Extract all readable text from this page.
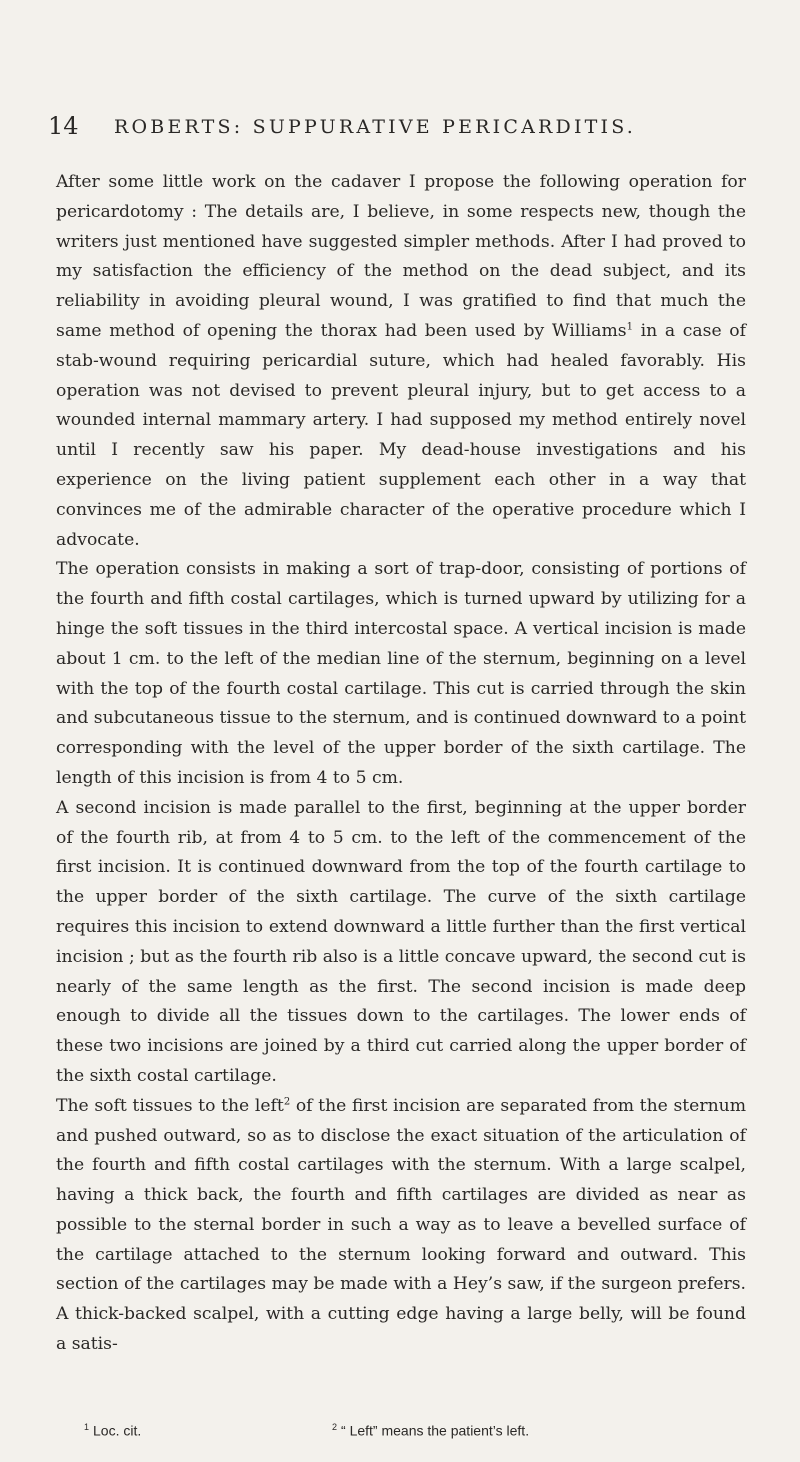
14 ROBERTS: SUPPURATIVE PERICARDITIS.

After some little work on the cadaver I propose the following operation for pericardotomy : The details are, I believe, in some respects new, though the writers just mentioned have suggested simpler methods. After I had proved to my satisfaction the efficiency of the method on the dead subject, and its reliability in avoiding pleural wound, I was gratified to find that much the same method of opening the thorax had been used by Williams$^1$ in a case of stab-wound requiring pericardial suture, which had healed favorably. His operation was not devised to prevent pleural injury, but to get access to a wounded internal mammary artery. I had supposed my method entirely novel until I recently saw his paper. My dead-house investigations and his experience on the living patient supplement each other in a way that convinces me of the admirable character of the operative procedure which I advocate.

The operation consists in making a sort of trap-door, consisting of portions of the fourth and fifth costal cartilages, which is turned upward by utilizing for a hinge the soft tissues in the third intercostal space. A vertical incision is made about 1 cm. to the left of the median line of the sternum, beginning on a level with the top of the fourth costal cartilage. This cut is carried through the skin and subcutaneous tissue to the sternum, and is continued downward to a point corresponding with the level of the upper border of the sixth cartilage. The length of this incision is from 4 to 5 cm.

A second incision is made parallel to the first, beginning at the upper border of the fourth rib, at from 4 to 5 cm. to the left of the commencement of the first incision. It is continued downward from the top of the fourth cartilage to the upper border of the sixth cartilage. The curve of the sixth cartilage requires this incision to extend downward a little further than the first vertical incision ; but as the fourth rib also is a little concave upward, the second cut is nearly of the same length as the first. The second incision is made deep enough to divide all the tissues down to the cartilages. The lower ends of these two incisions are joined by a third cut carried along the upper border of the sixth costal cartilage.

The soft tissues to the left$^2$ of the first incision are separated from the sternum and pushed outward, so as to disclose the exact situation of the articulation of the fourth and fifth costal cartilages with the sternum. With a large scalpel, having a thick back, the fourth and fifth cartilages are divided as near as possible to the sternal border in such a way as to leave a bevelled surface of the cartilage attached to the sternum looking forward and outward. This section of the cartilages may be made with a Hey’s saw, if the surgeon prefers. A thick-backed scalpel, with a cutting edge having a large belly, will be found a satis-

$^1$ Loc. cit.	$^2$ “ Left” means the patient’s left.
